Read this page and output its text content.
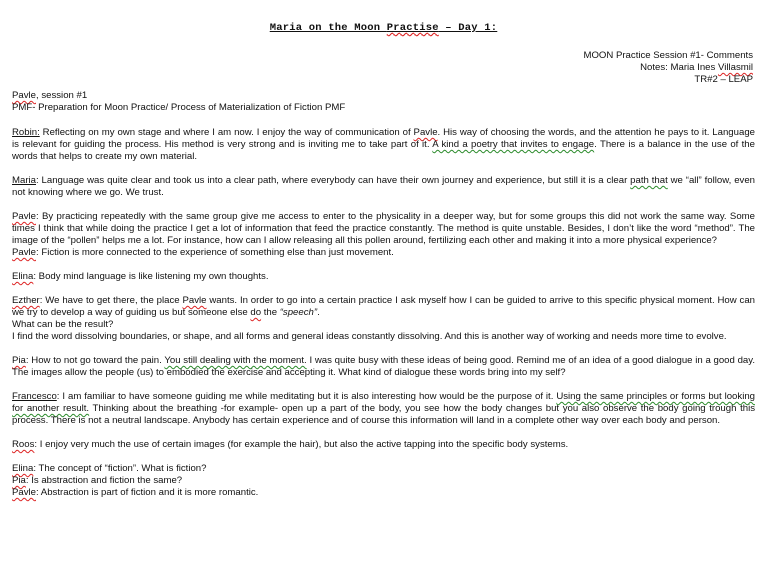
Maria on the Moon Practise – Day 1:

MOON Practice Session #1- Comments
Notes: Maria Ines Villasmil
TR#2 – LEAP
Pavle, session #1
PMF- Preparation for Moon Practice/ Process of Materialization of Fiction PMF
Robin: Reflecting on my own stage and where I am now. I enjoy the way of communication of Pavle. His way of choosing the words, and the attention he pays to it. Language is relevant for guiding the process. His method is very strong and is inviting me to take part of it. A kind a poetry that invites to engage. There is a balance in the use of the words that helps to create my own material.
Maria: Language was quite clear and took us into a clear path, where everybody can have their own journey and experience, but still it is a clear path that we “all” follow, even not knowing where we go. We trust.
Pavle: By practicing repeatedly with the same group give me access to enter to the physicality in a deeper way, but for some groups this did not work the same way. Some times I think that while doing the practice I get a lot of information that feed the practice constantly. The method is quite unstable. Besides, I don’t like the word “method”. The image of the “pollen” helps me a lot. For instance, how can I allow releasing all this pollen around, fertilizing each other and making it into a more physical experience?
Pavle: Fiction is more connected to the experience of something else than just movement.
Elina: Body mind language is like listening my own thoughts.
Ezther: We have to get there, the place Pavle wants. In order to go into a certain practice I ask myself how I can be guided to arrive to this specific physical moment. How can we try to develop a way of guiding us but someone else do the “speech”.
What can be the result?
I find the word dissolving boundaries, or shape, and all forms and general ideas constantly dissolving. And this is another way of working and needs more time to evolve.
Pia: How to not go toward the pain. You still dealing with the moment. I was quite busy with these ideas of being good. Remind me of an idea of a good dialogue in a good day. The images allow the people (us) to embodied the exercise and accepting it. What kind of dialogue these words bring into my self?
Francesco: I am familiar to have someone guiding me while meditating but it is also interesting how would be the purpose of it. Using the same principles or forms but looking for another result. Thinking about the breathing -for example- open up a part of the body, you see how the body changes but you also observe the body going trough this process. There is not a neutral landscape. Anybody has certain experience and of course this information will land in a complete other way over each body and person.
Roos: I enjoy very much the use of certain images (for example the hair), but also the active tapping into the specific body systems.
Elina: The concept of “fiction”. What is fiction?
Pia: Is abstraction and fiction the same?
Pavle: Abstraction is part of fiction and it is more romantic.
